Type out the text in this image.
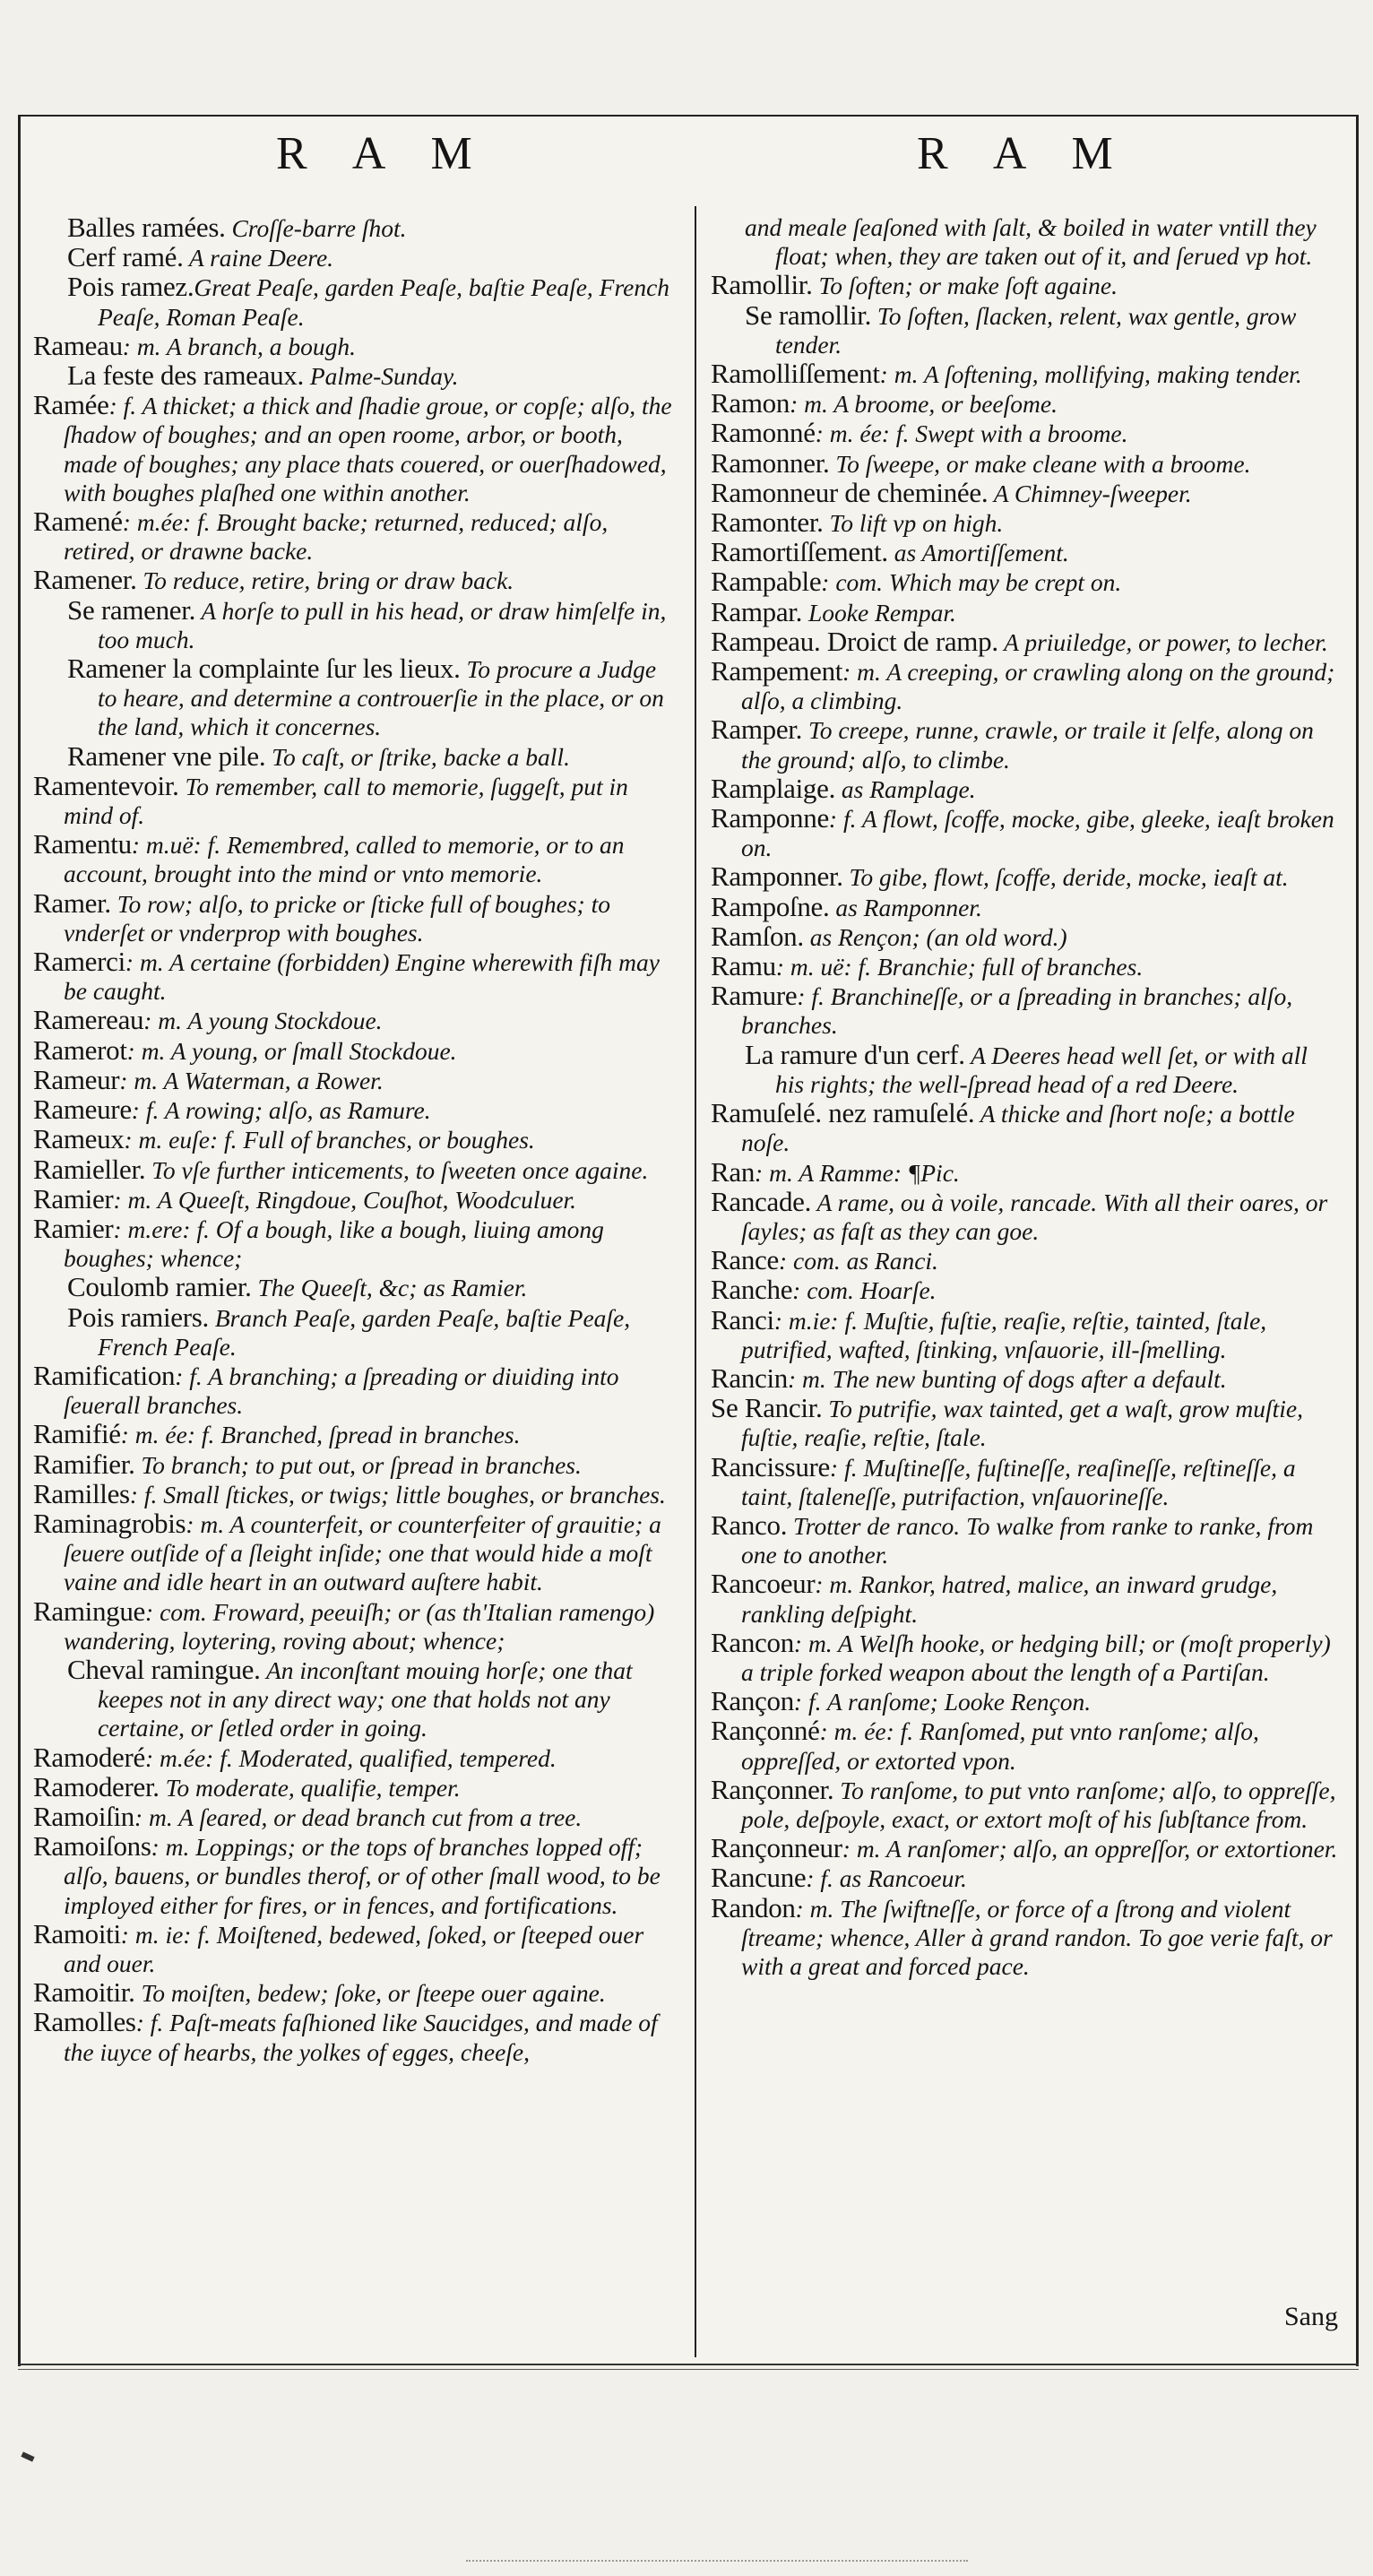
R A M	R A M
Balles ramées. Croſſe-barre ſhot.
Cerf ramé. A raine Deere.
Pois ramez.Great Peaſe, garden Peaſe, baſtie Peaſe, French Peaſe, Roman Peaſe.
Rameau: m. A branch, a bough.
La feste des rameaux. Palme-Sunday.
Ramée: f. A thicket; a thick and ſhadie groue, or copſe; alſo, the ſhadow of boughes; and an open roome, arbor, or booth, made of boughes; any place thats couered, or ouerſhadowed, with boughes plaſhed one within another.
Ramené: m.ée: f. Brought backe; returned, reduced; alſo, retired, or drawne backe.
Ramener. To reduce, retire, bring or draw back.
Se ramener. A horſe to pull in his head, or draw himſelfe in, too much.
Ramener la complainte ſur les lieux. To procure a Judge to heare, and determine a controuerſie in the place, or on the land, which it concernes.
Ramener vne pile. To caſt, or ſtrike, backe a ball.
Ramentevoir. To remember, call to memorie, ſuggeſt, put in mind of.
Ramentu: m.uë: f. Remembred, called to memorie, or to an account, brought into the mind or vnto memorie.
Ramer. To row; alſo, to pricke or ſticke full of boughes; to vnderſet or vnderprop with boughes.
Ramerci: m. A certaine (forbidden) Engine wherewith fiſh may be caught.
Ramereau: m. A young Stockdoue.
Ramerot: m. A young, or ſmall Stockdoue.
Rameur: m. A Waterman, a Rower.
Rameure: f. A rowing; alſo, as Ramure.
Rameux: m. euſe: f. Full of branches, or boughes.
Ramieller. To vſe further inticements, to ſweeten once againe.
Ramier: m. A Queeſt, Ringdoue, Couſhot, Woodculuer.
Ramier: m.ere: f. Of a bough, like a bough, liuing among boughes; whence;
Coulomb ramier. The Queeſt, &c; as Ramier.
Pois ramiers. Branch Peaſe, garden Peaſe, baſtie Peaſe, French Peaſe.
Ramification: f. A branching; a ſpreading or diuiding into ſeuerall branches.
Ramifié: m. ée: f. Branched, ſpread in branches.
Ramifier. To branch; to put out, or ſpread in branches.
Ramilles: f. Small ſtickes, or twigs; little boughes, or branches.
Raminagrobis: m. A counterfeit, or counterfeiter of grauitie; a ſeuere outſide of a ſleight inſide; one that would hide a moſt vaine and idle heart in an outward auſtere habit.
Ramingue: com. Froward, peeuiſh; or (as th'Italian ramengo) wandering, loytering, roving about; whence;
Cheval ramingue. An inconſtant mouing horſe; one that keepes not in any direct way; one that holds not any certaine, or ſetled order in going.
Ramoderé: m.ée: f. Moderated, qualified, tempered.
Ramoderer. To moderate, qualifie, temper.
Ramoiſin: m. A ſeared, or dead branch cut from a tree.
Ramoiſons: m. Loppings; or the tops of branches lopped off; alſo, bauens, or bundles therof, or of other ſmall wood, to be imployed either for fires, or in fences, and fortifications.
Ramoiti: m. ie: f. Moiſtened, bedewed, ſoked, or ſteeped ouer and ouer.
Ramoitir. To moiſten, bedew; ſoke, or ſteepe ouer againe.
Ramolles: f. Paſt-meats faſhioned like Saucidges, and made of the iuyce of hearbs, the yolkes of egges, cheeſe,
and meale ſeaſoned with ſalt, & boiled in water vntill they float; when, they are taken out of it, and ſerued vp hot.
Ramollir. To ſoften; or make ſoft againe.
Se ramollir. To ſoften, ſlacken, relent, wax gentle, grow tender.
Ramolliſſement: m. A ſoftening, mollifying, making tender.
Ramon: m. A broome, or beeſome.
Ramonné: m. ée: f. Swept with a broome.
Ramonner. To ſweepe, or make cleane with a broome.
Ramonneur de cheminée. A Chimney-ſweeper.
Ramonter. To lift vp on high.
Ramortiſſement. as Amortiſſement.
Rampable: com. Which may be crept on.
Rampar. Looke Rempar.
Rampeau. Droict de ramp. A priuiledge, or power, to lecher.
Rampement: m. A creeping, or crawling along on the ground; alſo, a climbing.
Ramper. To creepe, runne, crawle, or traile it ſelfe, along on the ground; alſo, to climbe.
Ramplaige. as Ramplage.
Ramponne: f. A flowt, ſcoffe, mocke, gibe, gleeke, ieaſt broken on.
Ramponner. To gibe, flowt, ſcoffe, deride, mocke, ieaſt at.
Rampoſne. as Ramponner.
Ramſon. as Rençon; (an old word.)
Ramu: m. uë: f. Branchie; full of branches.
Ramure: f. Branchineſſe, or a ſpreading in branches; alſo, branches.
La ramure d'un cerf. A Deeres head well ſet, or with all his rights; the well-ſpread head of a red Deere.
Ramuſelé. nez ramuſelé. A thicke and ſhort noſe; a bottle noſe.
Ran: m. A Ramme: ¶Pic.
Rancade. A rame, ou à voile, rancade. With all their oares, or ſayles; as faſt as they can goe.
Rance: com. as Ranci.
Ranche: com. Hoarſe.
Ranci: m.ie: f. Muſtie, fuſtie, reaſie, reſtie, tainted, ſtale, putrified, wafted, ſtinking, vnſauorie, ill-ſmelling.
Rancin: m. The new bunting of dogs after a default.
Se Rancir. To putrifie, wax tainted, get a waſt, grow muſtie, fuſtie, reaſie, reſtie, ſtale.
Rancissure: f. Muſtineſſe, fuſtineſſe, reaſineſſe, reſtineſſe, a taint, ſtaleneſſe, putrifaction, vnſauorineſſe.
Ranco. Trotter de ranco. To walke from ranke to ranke, from one to another.
Rancoeur: m. Rankor, hatred, malice, an inward grudge, rankling deſpight.
Rancon: m. A Welſh hooke, or hedging bill; or (moſt properly) a triple forked weapon about the length of a Partiſan.
Rançon: f. A ranſome; Looke Rençon.
Rançonné: m. ée: f. Ranſomed, put vnto ranſome; alſo, oppreſſed, or extorted vpon.
Rançonner. To ranſome, to put vnto ranſome; alſo, to oppreſſe, pole, deſpoyle, exact, or extort moſt of his ſubſtance from.
Rançonneur: m. A ranſomer; alſo, an oppreſſor, or extortioner.
Rancune: f. as Rancoeur.
Randon: m. The ſwiftneſſe, or force of a ſtrong and violent ſtreame; whence, Aller à grand randon. To goe verie faſt, or with a great and forced pace.
Sang
